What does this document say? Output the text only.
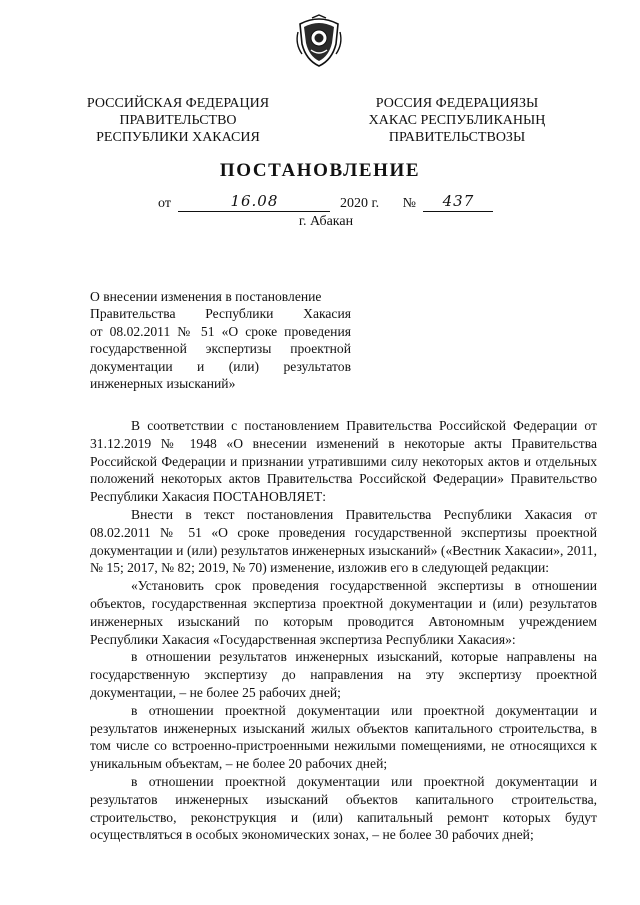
РОССИЙСКАЯ ФЕДЕРАЦИЯ
ПРАВИТЕЛЬСТВО
РЕСПУБЛИКИ ХАКАСИЯ
РОССИЯ ФЕДЕРАЦИЯЗЫ
ХАКАС РЕСПУБЛИКАНЫҢ
ПРАВИТЕЛЬСТВОЗЫ
ПОСТАНОВЛЕНИЕ
от	16.08	2020 г. №	437
г. Абакан

О внесении изменения в постановление

Правительства Республики Хакасия

от 08.02.2011 № 51 «О сроке проведения

государственной экспертизы проектной

документации и (или) результатов

инженерных изысканий»

В соответствии с постановлением Правительства Российской Федерации от 31.12.2019 № 1948 «О внесении изменений в некоторые акты Правительства Российской Федерации и признании утратившими силу некоторых актов и отдельных положений некоторых актов Правительства Российской Федерации» Правительство Республики Хакасия ПОСТАНОВЛЯЕТ:

Внести в текст постановления Правительства Республики Хакасия от 08.02.2011 № 51 «О сроке проведения государственной экспертизы проектной документации и (или) результатов инженерных изысканий» («Вестник Хакасии», 2011, № 15; 2017, № 82; 2019, № 70) изменение, изложив его в следующей редакции:

«Установить срок проведения государственной экспертизы в отношении объектов, государственная экспертиза проектной документации и (или) результатов инженерных изысканий по которым проводится Автономным учреждением Республики Хакасия «Государственная экспертиза Республики Хакасия»:

в отношении результатов инженерных изысканий, которые направлены на государственную экспертизу до направления на эту экспертизу проектной документации, – не более 25 рабочих дней;

в отношении проектной документации или проектной документации и результатов инженерных изысканий жилых объектов капитального строительства, в том числе со встроенно-пристроенными нежилыми помещениями, не относящихся к уникальным объектам, – не более 20 рабочих дней;

в отношении проектной документации или проектной документации и результатов инженерных изысканий объектов капитального строительства, строительство, реконструкция и (или) капитальный ремонт которых будут осуществляться в особых экономических зонах, – не более 30 рабочих дней;
